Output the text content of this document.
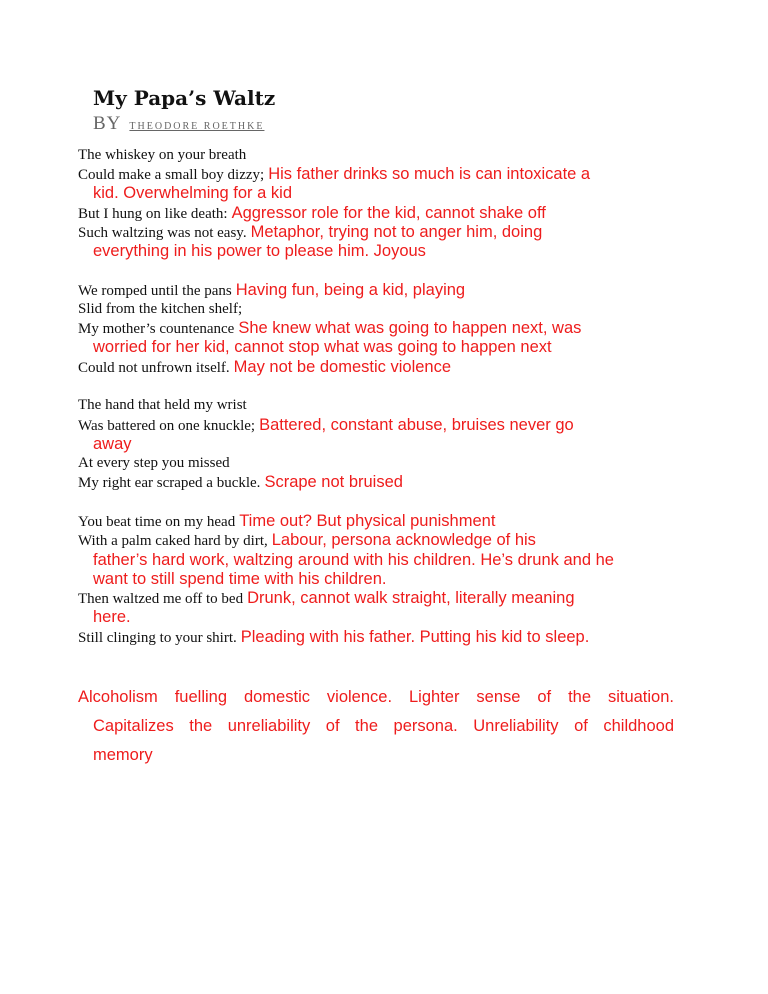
My Papa’s Waltz
BY THEODORE ROETHKE
The whiskey on your breath
Could make a small boy dizzy; His father drinks so much is can intoxicate a
kid. Overwhelming for a kid
But I hung on like death: Aggressor role for the kid, cannot shake off
Such waltzing was not easy. Metaphor, trying not to anger him, doing
everything in his power to please him. Joyous
We romped until the pans Having fun, being a kid, playing
Slid from the kitchen shelf;
My mother’s countenance She knew what was going to happen next, was
worried for her kid, cannot stop what was going to happen next
Could not unfrown itself. May not be domestic violence
The hand that held my wrist
Was battered on one knuckle; Battered, constant abuse, bruises never go
away
At every step you missed
My right ear scraped a buckle. Scrape not bruised
You beat time on my head Time out? But physical punishment
With a palm caked hard by dirt, Labour, persona acknowledge of his
father’s hard work, waltzing around with his children. He’s drunk and he
want to still spend time with his children.
Then waltzed me off to bed Drunk, cannot walk straight, literally meaning
here.
Still clinging to your shirt. Pleading with his father. Putting his kid to sleep.
Alcoholism fuelling domestic violence. Lighter sense of the situation.
Capitalizes the unreliability of the persona. Unreliability of childhood
memory
